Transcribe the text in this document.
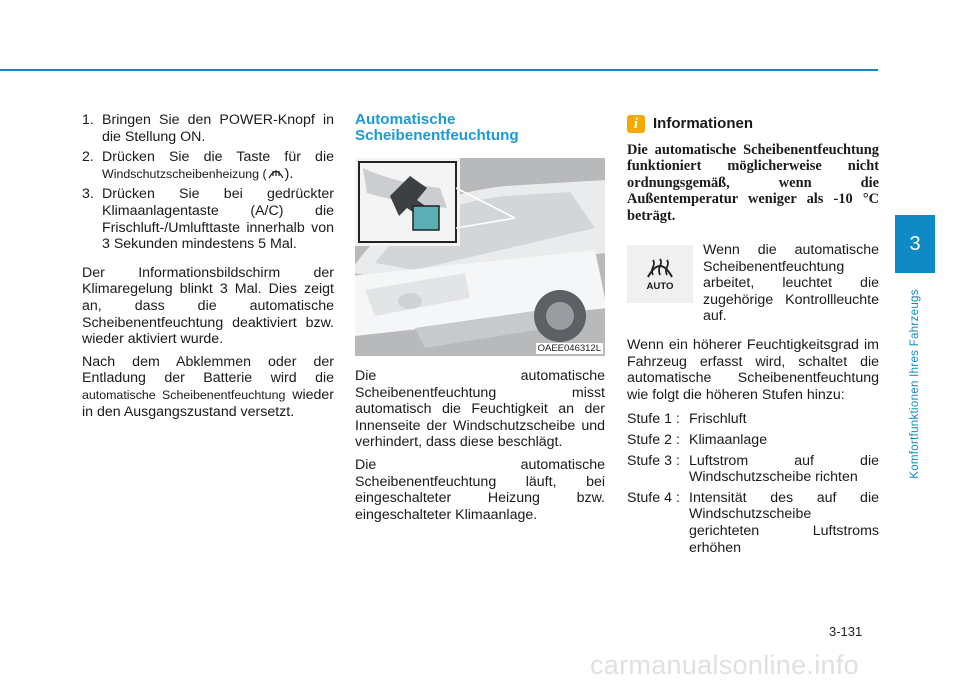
1. Bringen Sie den POWER-Knopf in die Stellung ON.
2. Drücken Sie die Taste für die Windschutzscheibenheizung ( ).
3. Drücken Sie bei gedrückter Klimaanlagentaste (A/C) die Frischluft-/Umlufttaste innerhalb von 3 Sekunden mindestens 5 Mal.
Der Informationsbildschirm der Klimaregelung blinkt 3 Mal. Dies zeigt an, dass die automatische Scheibenentfeuchtung deaktiviert bzw. wieder aktiviert wurde.
Nach dem Abklemmen oder der Entladung der Batterie wird die automatische Scheibenentfeuchtung wieder in den Ausgangszustand versetzt.
Automatische
Scheibenentfeuchtung
OAEE046312L
Die automatische Scheibenentfeuchtung misst automatisch die Feuchtigkeit an der Innenseite der Windschutzscheibe und verhindert, dass diese beschlägt.
Die automatische Scheibenentfeuchtung läuft, bei eingeschalteter Heizung bzw. eingeschalteter Klimaanlage.
i Informationen
Die automatische Scheibenentfeuchtung funktioniert möglicherweise nicht ordnungsgemäß, wenn die Außentemperatur weniger als -10 °C beträgt.
AUTO
Wenn die automatische Scheibenentfeuchtung arbeitet, leuchtet die zugehörige Kontrollleuchte auf.
Wenn ein höherer Feuchtigkeitsgrad im Fahrzeug erfasst wird, schaltet die automatische Scheibenentfeuchtung wie folgt die höheren Stufen hinzu:
Stufe 1 : Frischluft
Stufe 2 : Klimaanlage
Stufe 3 : Luftstrom auf die Windschutzscheibe richten
Stufe 4 : Intensität des auf die Windschutzscheibe gerichteten Luftstroms erhöhen
3
Komfortfunktionen Ihres Fahrzeugs
3-131
carmanualsonline.info
